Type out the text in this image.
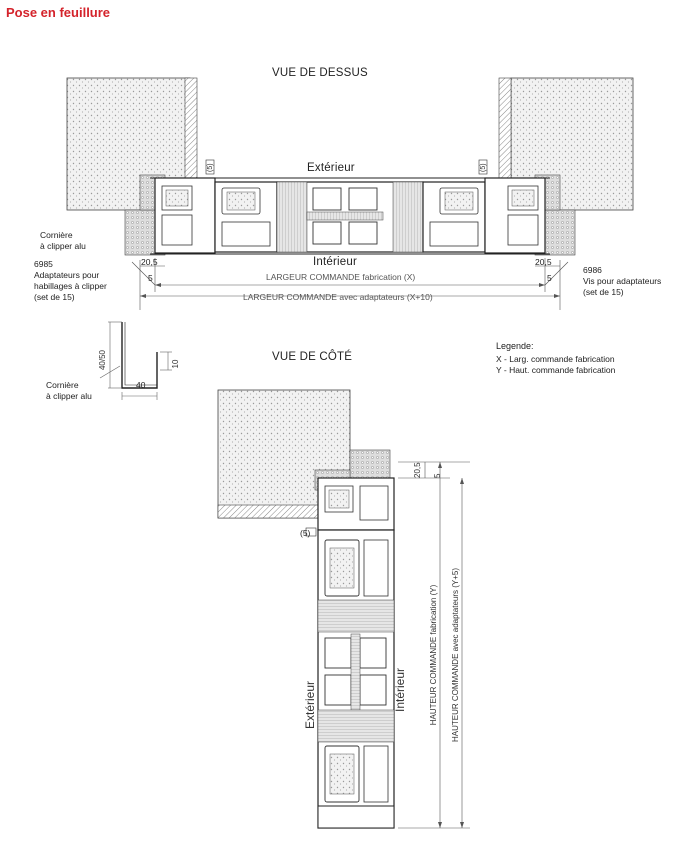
Pose en feuillure
Extérieur	Intérieur	HAUTEUR COMMANDE fabrication (Y) HAUTEUR COMMANDE avec adaptateurs (Y+5)
20,5 5
40/50	10
(5)	(5)
VUE DE DESSUS
Extérieur
Intérieur
20,5	20,5
5	5
LARGEUR COMMANDE fabrication (X)
LARGEUR COMMANDE avec adaptateurs (X+10)
Cornière
à clipper alu
6985
Adaptateurs pour
habillages à clipper
(set de 15)
6986
Vis pour adaptateurs
(set de 15)
40
Cornière
à clipper alu
Legende:
X - Larg. commande fabrication
Y - Haut. commande fabrication
VUE DE CÔTÉ
(5)
